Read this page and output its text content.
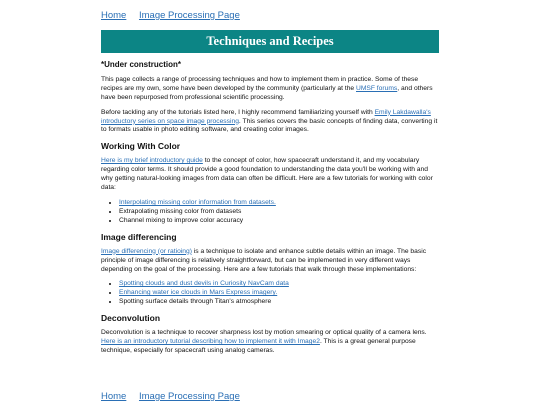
Home Image Processing Page
Techniques and Recipes
*Under construction*

This page collects a range of processing techniques and how to implement them in practice. Some of these recipes are my own, some have been developed by the community (particularly at the UMSF forums, and others have been repurposed from professional scientific processing.

Before tackling any of the tutorials listed here, I highly recommend familiarizing yourself with Emily Lakdawalla's introductory series on space image processing. This series covers the basic concepts of finding data, converting it to formats usable in photo editing software, and creating color images.

Working With Color

Here is my brief introductory guide to the concept of color, how spacecraft understand it, and my vocabulary regarding color terms. It should provide a good foundation to understanding the data you'll be working with and why getting natural-looking images from data can often be difficult. Here are a few tutorials for working with color data:

• Interpolating missing color information from datasets.
• Extrapolating missing color from datasets
• Channel mixing to improve color accuracy
Image differencing

Image differencing (or ratioing) is a technique to isolate and enhance subtle details within an image. The basic principle of image differencing is relatively straightforward, but can be implemented in very different ways depending on the goal of the processing. Here are a few tutorials that walk through these implementations:

• Spotting clouds and dust devils in Curiosity NavCam data
• Enhancing water ice clouds in Mars Express imagery.
• Spotting surface details through Titan's atmosphere
Deconvolution

Deconvolution is a technique to recover sharpness lost by motion smearing or optical quality of a camera lens. Here is an introductory tutorial describing how to implement it with Image2. This is a great general purpose technique, especially for spacecraft using analog cameras.

Home Image Processing Page
